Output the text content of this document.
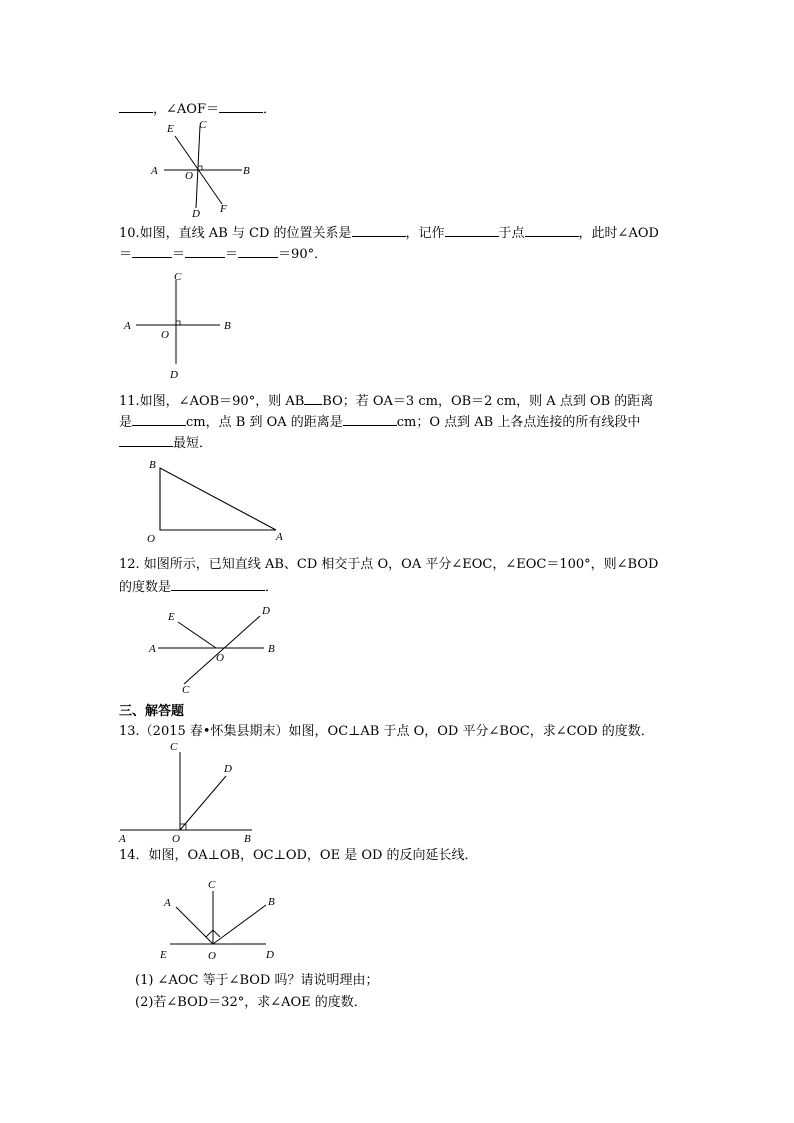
，∠AOF＝	．
A	B
C
D
E
F
O
10.如图，直线 AB 与 CD 的位置关系是	，记作	于点	，此时∠AOD
＝	＝	＝	＝90°．
A	B
C
D
O
11.如图，∠AOB＝90°，则 AB BO；若 OA＝3 cm，OB＝2 cm，则 A 点到 OB 的距离
是	cm，点 B 到 OA 的距离是	cm；O 点到 AB 上各点连接的所有线段中
最短．
B
O	A
12. 如图所示，已知直线 AB、CD 相交于点 O，OA 平分∠EOC，∠EOC＝100°，则∠BOD
的度数是	．
A	B
C
D
E
O
三、解答题
13.（2015 春•怀集县期末）如图，OC⊥AB 于点 O，OD 平分∠BOC，求∠COD 的度数．
A	B
C
D
O
14．如图，OA⊥OB，OC⊥OD，OE 是 OD 的反向延长线．
A	B
C
D
E	O
(1) ∠AOC 等于∠BOD 吗？请说明理由；
(2)若∠BOD＝32°，求∠AOE 的度数．
